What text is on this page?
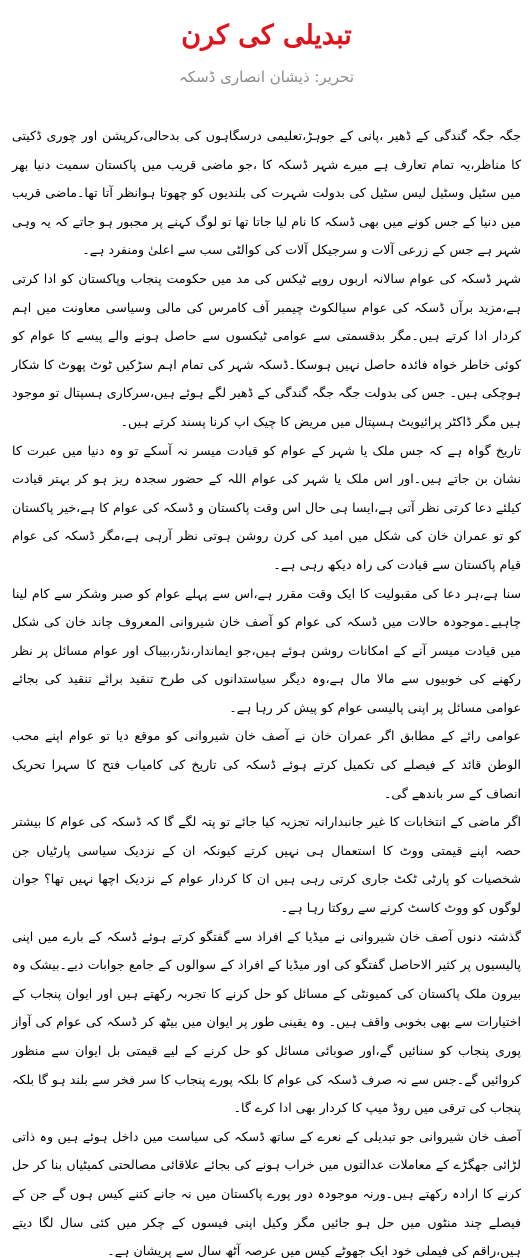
تبدیلی کی کرن
تحریر: ذیشان انصاری ڈسکہ

جگہ جگہ گندگی کے ڈھیر ،پانی کے جوہڑ،تعلیمی درسگاہوں کی بدحالی،کرپشن اور چوری ڈکیتی کا مناظر،یہ تمام تعارف ہے میرے شہر ڈسکہ کا ،جو ماضی قریب میں پاکستان سمیت دنیا بھر میں سٹیل وسٹیل لیس سٹیل کی بدولت شہرت کی بلندیوں کو چھوتا ہوانظر آتا تھا۔ماضی قریب میں دنیا کے جس کونے میں بھی ڈسکہ کا نام لیا جاتا تھا تو لوگ کہنے پر مجبور ہو جاتے کہ یہ وہی شہر ہے جس کے زرعی آلات و سرجیکل آلات کی کوالٹی سب سے اعلیٰ ومنفرد ہے۔

شہر ڈسکہ کی عوام سالانہ اربوں روپے ٹیکس کی مد میں حکومت پنجاب وپاکستان کو ادا کرتی ہے،مزید برآں ڈسکہ کی عوام سیالکوٹ چیمبر آف کامرس کی مالی وسیاسی معاونت میں اہم کردار ادا کرتے ہیں۔مگر بدقسمتی سے عوامی ٹیکسوں سے حاصل ہونے والے پیسے کا عوام کو کوئی خاطر خواہ فائدہ حاصل نہیں ہوسکا۔ڈسکہ شہر کی تمام اہم سڑکیں ٹوٹ پھوٹ کا شکار ہوچکی ہیں۔ جس کی بدولت جگہ جگہ گندگی کے ڈھیر لگے ہوئے ہیں،سرکاری ہسپتال تو موجود ہیں مگر ڈاکٹر پرائیویٹ ہسپتال میں مریض کا چیک اپ کرنا پسند کرتے ہیں۔

تاریخ گواہ ہے کہ جس ملک یا شہر کے عوام کو قیادت میسر نہ آسکے تو وہ دنیا میں عبرت کا نشان بن جاتے ہیں۔اور اس ملک یا شہر کی عوام اللہ کے حضور سجدہ ریز ہو کر بہتر قیادت کیلئے دعا کرتی نظر آتی ہے،ایسا ہی حال اس وقت پاکستان و ڈسکہ کی عوام کا ہے،خیر پاکستان کو تو عمران خان کی شکل میں امید کی کرن روشن ہوتی نظر آرہی ہے،مگر ڈسکہ کی عوام قیام پاکستان سے قیادت کی راہ دیکھ رہی ہے۔

سنا ہے،ہر دعا کی مقبولیت کا ایک وقت مقرر ہے،اس سے پہلے عوام کو صبر وشکر سے کام لینا چاہیے۔موجودہ حالات میں ڈسکہ کی عوام کو آصف خان شیروانی المعروف چاند خان کی شکل میں قیادت میسر آنے کے امکانات روشن ہوئے ہیں،جو ایماندار،نڈر،بیباک اور عوام مسائل پر نظر رکھنے کی خوبیوں سے مالا مال ہے،وہ دیگر سیاستدانوں کی طرح تنقید برائے تنقید کی بجائے عوامی مسائل پر اپنی پالیسی عوام کو پیش کر رہا ہے۔

عوامی رائے کے مطابق اگر عمران خان نے آصف خان شیروانی کو موقع دیا تو عوام اپنے محب الوطن قائد کے فیصلے کی تکمیل کرتے ہوئے ڈسکہ کی تاریخ کی کامیاب فتح کا سہرا تحریک انصاف کے سر باندھے گی۔

اگر ماضی کے انتخابات کا غیر جانبدارانہ تجزیہ کیا جائے تو پتہ لگے گا کہ ڈسکہ کی عوام کا بیشتر حصہ اپنے قیمتی ووٹ کا استعمال ہی نہیں کرتے کیونکہ ان کے نزدیک سیاسی پارٹیاں جن شخصیات کو پارٹی ٹکٹ جاری کرتی رہی ہیں ان کا کردار عوام کے نزدیک اچھا نہیں تھا؟ جوان لوگوں کو ووٹ کاسٹ کرنے سے روکتا رہا ہے۔

گذشتہ دنوں آصف خان شیروانی نے میڈیا کے افراد سے گفتگو کرتے ہوئے ڈسکہ کے بارے میں اپنی پالیسیوں پر کثیر الاحاصل گفتگو کی اور میڈیا کے افراد کے سوالوں کے جامع جوابات دیے۔بیشک وہ بیرون ملک پاکستان کی کمیونٹی کے مسائل کو حل کرنے کا تجربہ رکھتے ہیں اور ایوان پنجاب کے اختیارات سے بھی بخوبی واقف ہیں۔ وہ یقینی طور پر ایوان میں بیٹھ کر ڈسکہ کی عوام کی آواز پوری پنجاب کو سنائیں گے،اور صوبائی مسائل کو حل کرنے کے لیے قیمتی بل ایوان سے منظور کروائیں گے۔جس سے نہ صرف ڈسکہ کی عوام کا بلکہ پورے پنجاب کا سر فخر سے بلند ہو گا بلکہ پنجاب کی ترقی میں روڈ میپ کا کردار بھی ادا کرے گا۔

آصف خان شیروانی جو تبدیلی کے نعرے کے ساتھ ڈسکہ کی سیاست میں داخل ہوئے ہیں وہ ذاتی لڑائی جھگڑے کے معاملات عدالتوں میں خراب ہونے کی بجائے علاقائی مصالحتی کمیٹیاں بنا کر حل کرنے کا ارادہ رکھتے ہیں۔ورنہ موجودہ دور پورے پاکستان میں نہ جانے کتنے کیس ہوں گے جن کے فیصلے چند منٹوں میں حل ہو جائیں مگر وکیل اپنی فیسوں کے چکر میں کئی سال لگا دیتے ہیں،راقم کی فیملی خود ایک جھوٹے کیس میں عرصہ آٹھ سال سے پریشان ہے۔
